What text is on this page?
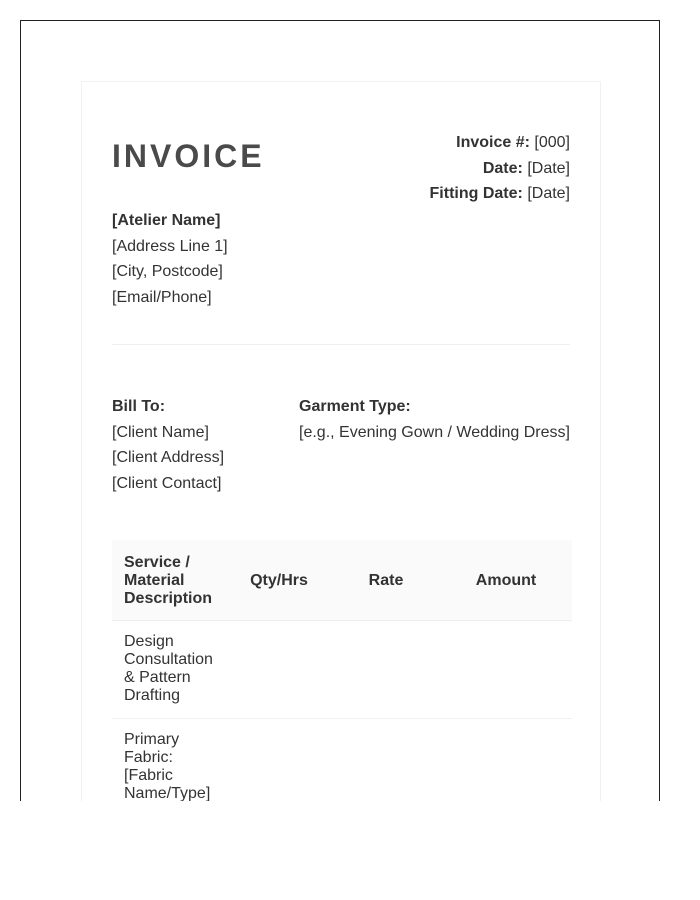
INVOICE	Invoice #: [000]
Date: [Date]
Fitting Date: [Date]
[Atelier Name]
[Address Line 1]
[City, Postcode]
[Email/Phone]
Bill To:
[Client Name]
[Client Address]
[Client Contact]
Garment Type:
[e.g., Evening Gown / Wedding Dress]
Service / Material Description	Qty/Hrs	Rate	Amount
Design Consultation & Pattern Drafting			
Primary Fabric: [Fabric Name/Type]			
